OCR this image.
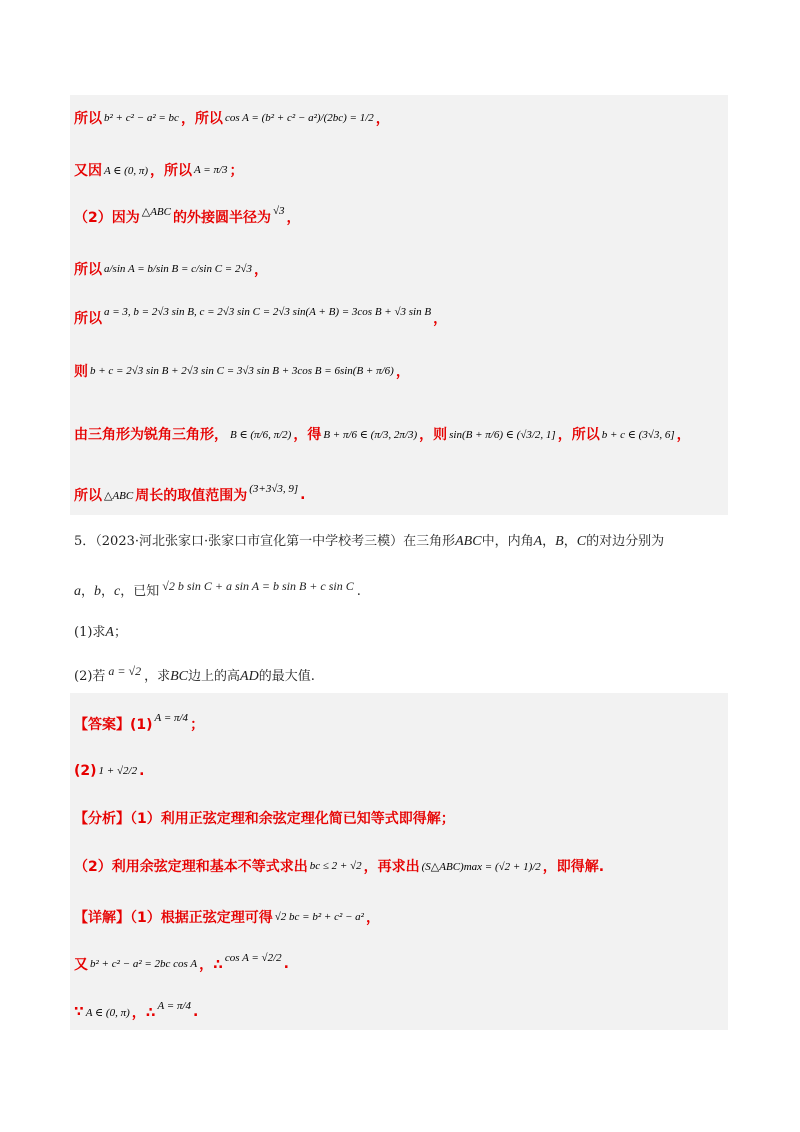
所以 b² + c² − a² = bc ，所以 cos A = (b² + c² − a²)/(2bc) = 1/2 ，
又因 A ∈ (0, π) ，所以 A = π/3 ；
（2）因为 △ABC 的外接圆半径为 √3 ，
所以 a/sin A = b/sin B = c/sin C = 2√3 ，
所以 a = 3, b = 2√3 sin B, c = 2√3 sin C = 2√3 sin(A + B) = 3cos B + √3 sin B ，
则 b + c = 2√3 sin B + 2√3 sin C = 3√3 sin B + 3cos B = 6sin(B + π/6) ，
由三角形为锐角三角形， B ∈ (π/6, π/2) ，得 B + π/6 ∈ (π/3, 2π/3) ，则 sin(B + π/6) ∈ (√3/2, 1] ，所以 b + c ∈ (3√3, 6] ，
所以 △ABC 周长的取值范围为 (3+3√3, 9] .
5．（2023·河北张家口·张家口市宣化第一中学校考三模）在三角形ABC中，内角A，B，C的对边分别为
a，b，c，已知 √2 b sin C + a sin A = b sin B + c sin C .
(1)求A；
(2)若 a = √2 ，求BC边上的高AD的最大值.
【答案】(1) A = π/4 ；
(2) 1 + √2/2 .
【分析】（1）利用正弦定理和余弦定理化简已知等式即得解；
（2）利用余弦定理和基本不等式求出 bc ≤ 2 + √2 ，再求出 (S△ABC)max = (√2 + 1)/2 ，即得解.
【详解】（1）根据正弦定理可得 √2 bc = b² + c² − a² ，
又 b² + c² − a² = 2bc cos A ，∴ cos A = √2/2 .
∵ A ∈ (0, π) ，∴ A = π/4 .
